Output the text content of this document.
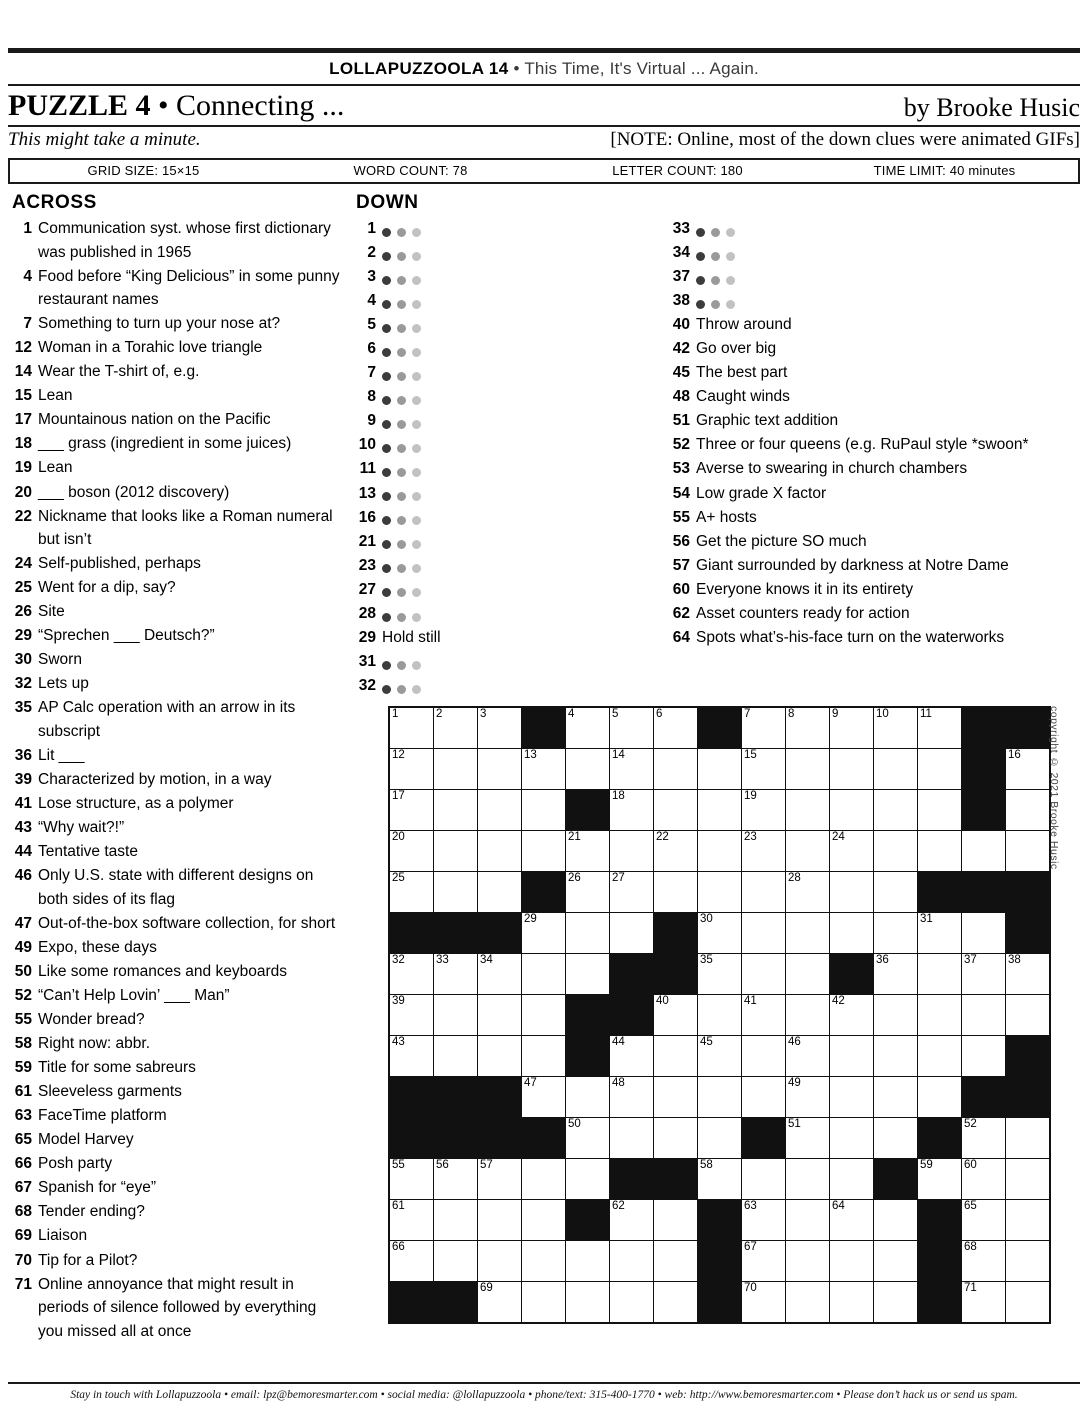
LOLLAPUZZOOLA 14 • This Time, It's Virtual ... Again.
PUZZLE 4 • Connecting ...	by Brooke Husic
This might take a minute.	[NOTE: Online, most of the down clues were animated GIFs]
GRID SIZE: 15×15	WORD COUNT: 78	LETTER COUNT: 180	TIME LIMIT: 40 minutes
ACROSS
1 Communication syst. whose first dictionary was published in 1965
4 Food before “King Delicious” in some punny restaurant names
7 Something to turn up your nose at?
12 Woman in a Torahic love triangle
14 Wear the T-shirt of, e.g.
15 Lean
17 Mountainous nation on the Pacific
18 ___ grass (ingredient in some juices)
19 Lean
20 ___ boson (2012 discovery)
22 Nickname that looks like a Roman numeral but isn’t
24 Self-published, perhaps
25 Went for a dip, say?
26 Site
29 “Sprechen ___ Deutsch?”
30 Sworn
32 Lets up
35 AP Calc operation with an arrow in its subscript
36 Lit ___
39 Characterized by motion, in a way
41 Lose structure, as a polymer
43 “Why wait?!”
44 Tentative taste
46 Only U.S. state with different designs on both sides of its flag
47 Out-of-the-box software collection, for short
49 Expo, these days
50 Like some romances and keyboards
52 “Can’t Help Lovin’ ___ Man”
55 Wonder bread?
58 Right now: abbr.
59 Title for some sabreurs
61 Sleeveless garments
63 FaceTime platform
65 Model Harvey
66 Posh party
67 Spanish for “eye”
68 Tender ending?
69 Liaison
70 Tip for a Pilot?
71 Online annoyance that might result in periods of silence followed by everything you missed all at once
DOWN
1
2
3
4
5
6
7
8
9
10
11
13
16
21
23
27
28
29 Hold still
31
32
33
34
37
38
40 Throw around
42 Go over big
45 The best part
48 Caught winds
51 Graphic text addition
52 Three or four queens (e.g. RuPaul style *swoon*
53 Averse to swearing in church chambers
54 Low grade X factor
55 A+ hosts
56 Get the picture SO much
57 Giant surrounded by darkness at Notre Dame
60 Everyone knows it in its entirety
62 Asset counters ready for action
64 Spots what’s-his-face turn on the waterworks
1	2	3		4	5	6		7	8	9	10	11		

12			13		14			15						16

17					18			19						

20				21		22		23		24				

25				26	27				28					

			29				30					31		

32	33	34					35				36		37	38

39						40		41		42				

43					44		45		46					

			47		48				49					

				50					51				52	

55	56	57					58					59	60	

61					62			63		64			65	

66								67					68	

		69						70					71	

copyright © 2021 Brooke Husic
Stay in touch with Lollapuzzoola • email: lpz@bemoresmarter.com • social media: @lollapuzzoola • phone/text: 315-400-1770 • web: http://www.bemoresmarter.com • Please don’t hack us or send us spam.
